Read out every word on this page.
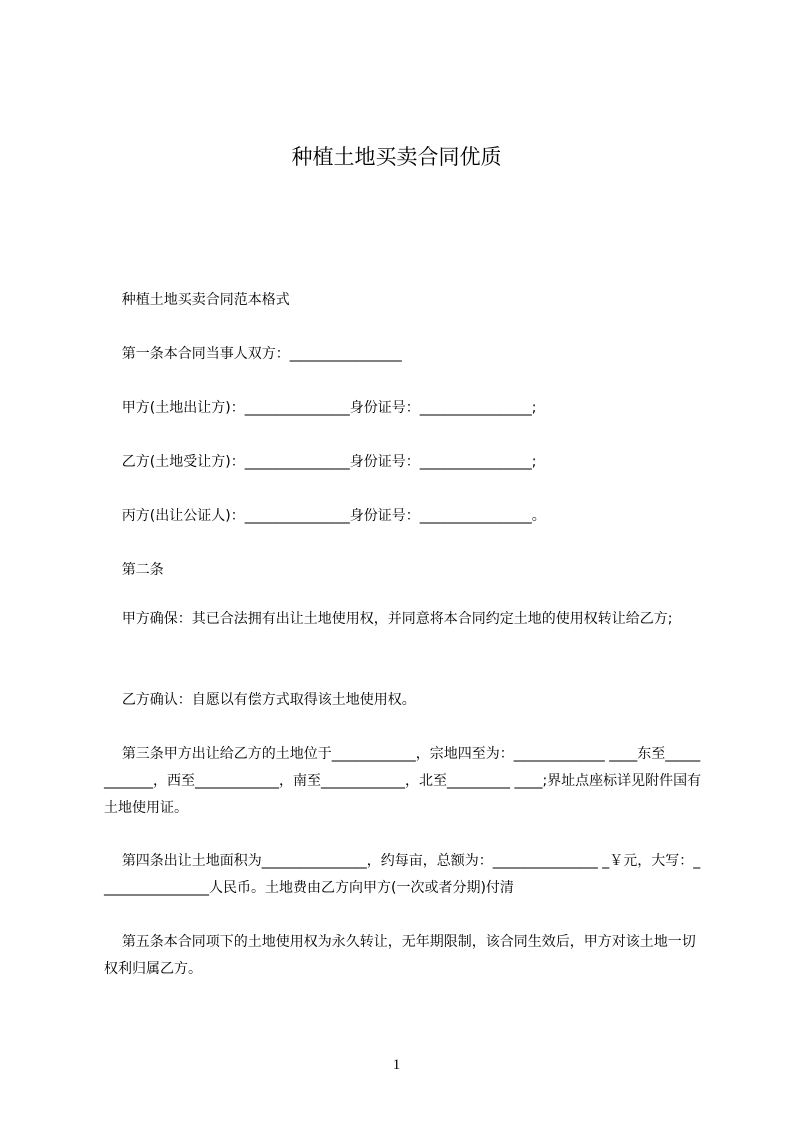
种植土地买卖合同优质
种植土地买卖合同范本格式
第一条本合同当事人双方：________________
甲方(土地出让方)：_______________身份证号：________________;
乙方(土地受让方)：_______________身份证号：________________;
丙方(出让公证人)：_______________身份证号：________________。
第二条
甲方确保：其已合法拥有出让土地使用权，并同意将本合同约定土地的使用权转让给乙方;
乙方确认：自愿以有偿方式取得该土地使用权。
第三条甲方出让给乙方的土地位于____________，宗地四至为：_____________ ____东至____________，西至____________，南至____________，北至_________ ____;界址点座标详见附件国有土地使用证。
第四条出让土地面积为_______________，约每亩，总额为：_______________ _￥元，大写：________________人民币。土地费由乙方向甲方(一次或者分期)付清
第五条本合同项下的土地使用权为永久转让，无年期限制，该合同生效后，甲方对该土地一切权利归属乙方。
1
